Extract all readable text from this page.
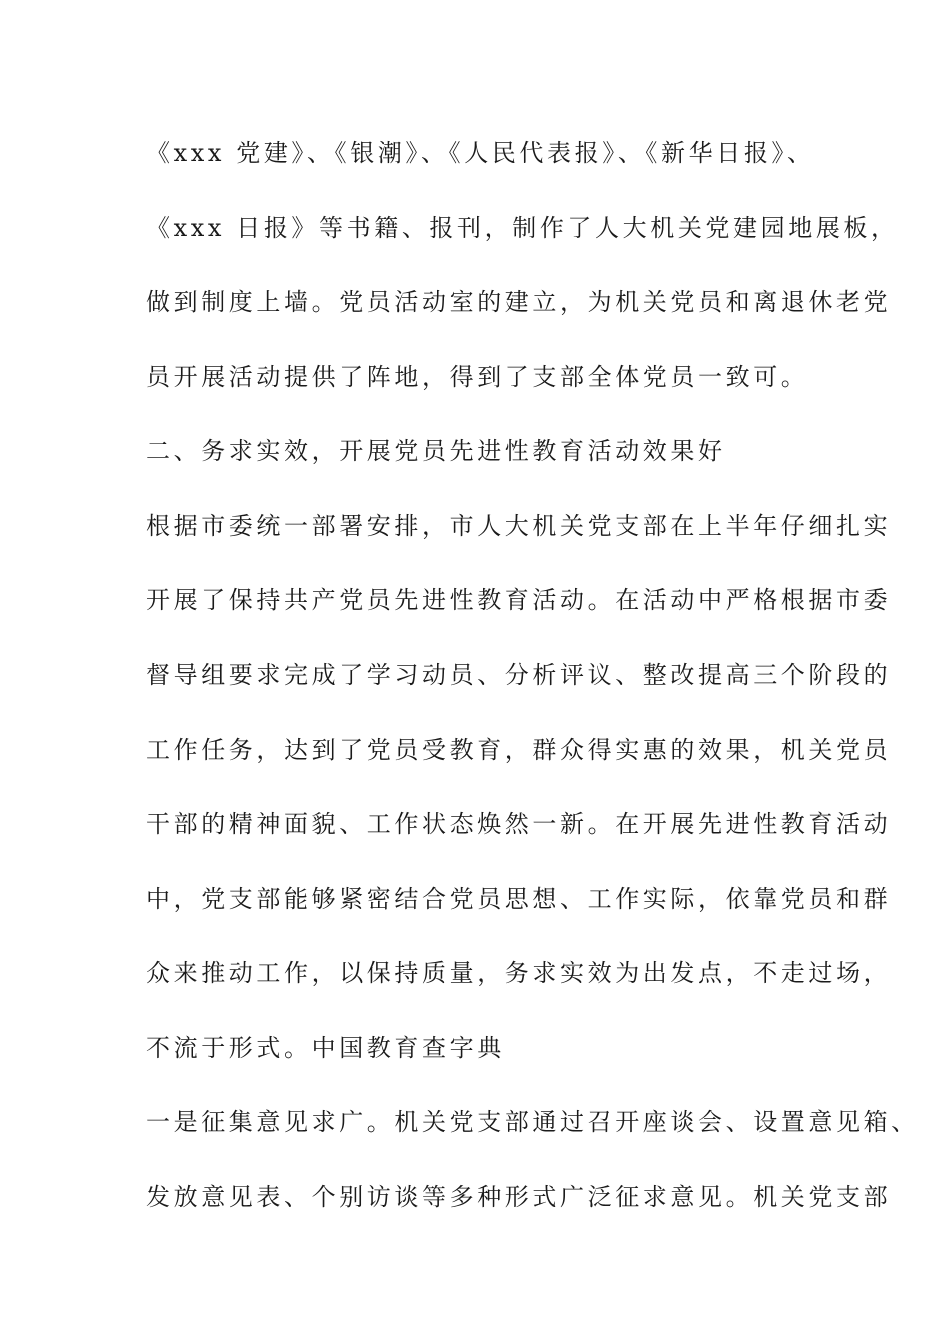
《xxx 党建》、《银潮》、《人民代表报》、《新华日报》、

《xxx 日报》等书籍、报刊，制作了人大机关党建园地展板，

做到制度上墙。党员活动室的建立，为机关党员和离退休老党

员开展活动提供了阵地，得到了支部全体党员一致可。

二、务求实效，开展党员先进性教育活动效果好

根据市委统一部署安排，市人大机关党支部在上半年仔细扎实

开展了保持共产党员先进性教育活动。在活动中严格根据市委

督导组要求完成了学习动员、分析评议、整改提高三个阶段的

工作任务，达到了党员受教育，群众得实惠的效果，机关党员

干部的精神面貌、工作状态焕然一新。在开展先进性教育活动

中，党支部能够紧密结合党员思想、工作实际，依靠党员和群

众来推动工作，以保持质量，务求实效为出发点，不走过场，

不流于形式。中国教育查字典

一是征集意见求广。机关党支部通过召开座谈会、设置意见箱、

发放意见表、个别访谈等多种形式广泛征求意见。机关党支部
